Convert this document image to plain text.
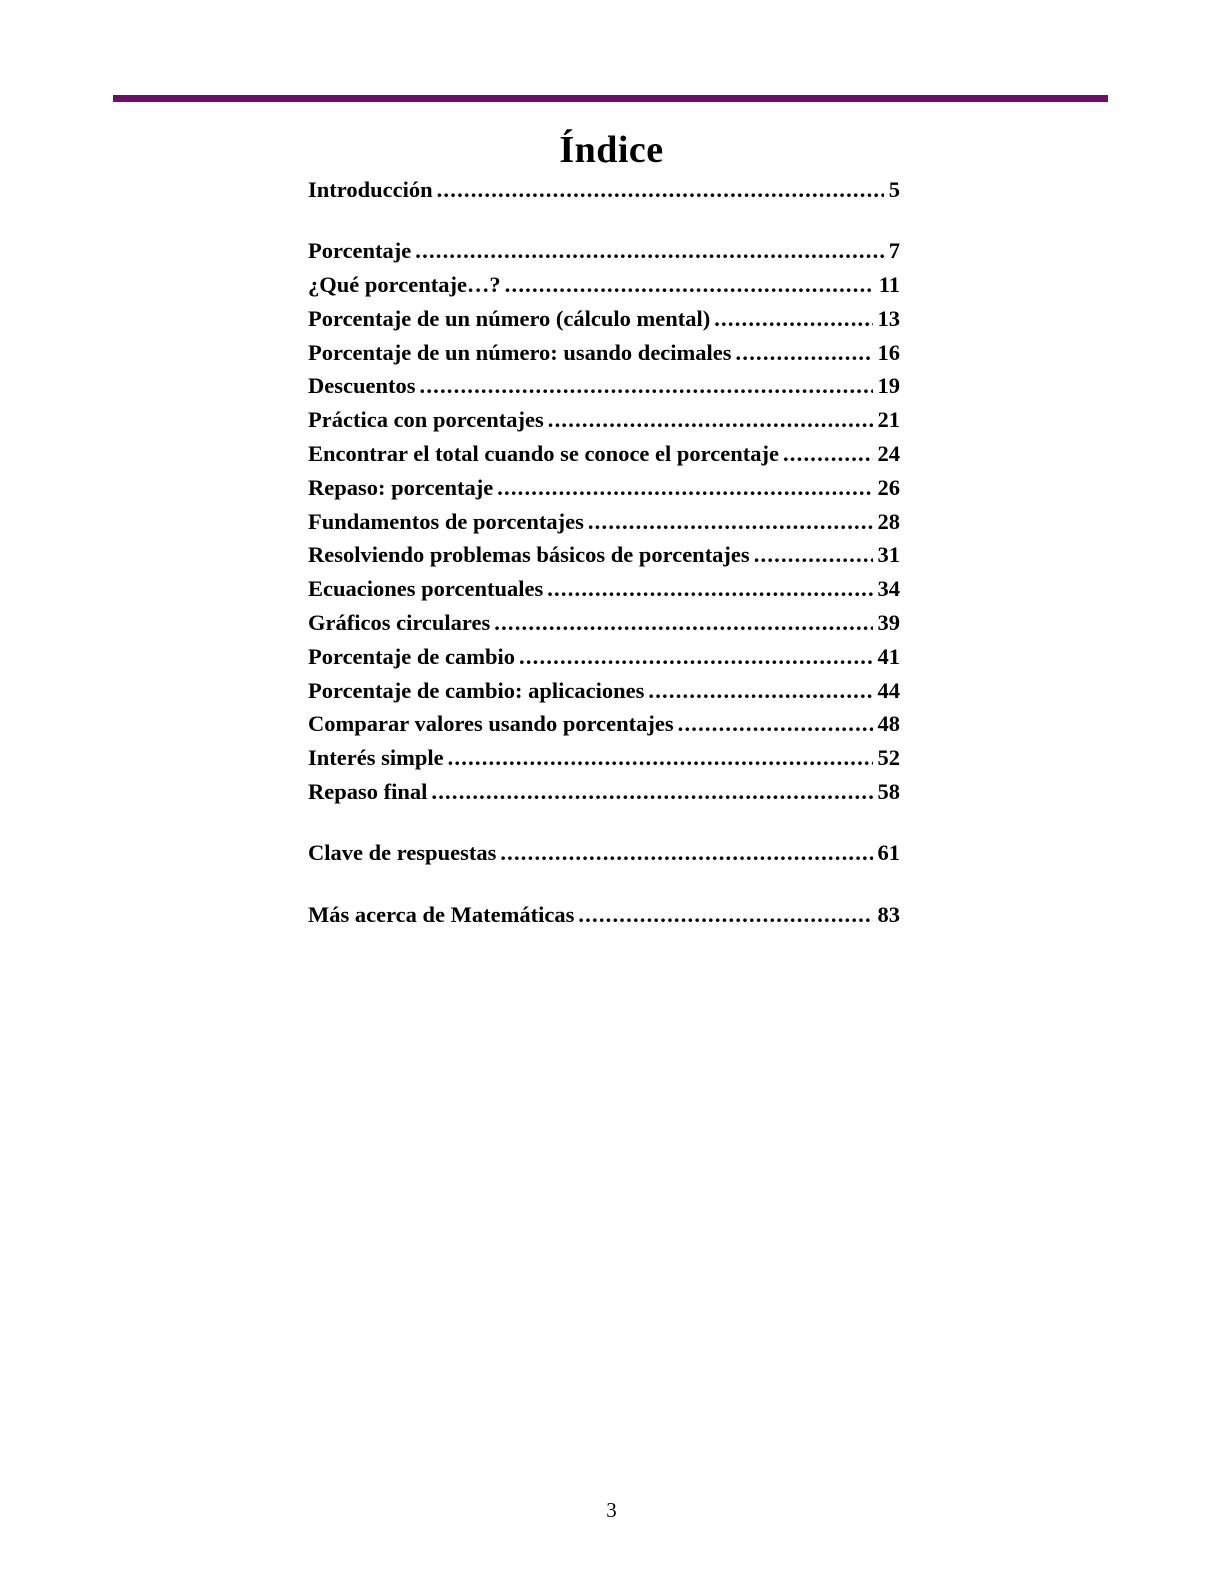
Índice
Introducción .....	5
Porcentaje .....	7
¿Qué porcentaje…? .....	11
Porcentaje de un número (cálculo mental) .....	13
Porcentaje de un número: usando decimales .....	16
Descuentos .....	19
Práctica con porcentajes .....	21
Encontrar el total cuando se conoce el porcentaje .....	24
Repaso: porcentaje .....	26
Fundamentos de porcentajes .....	28
Resolviendo problemas básicos de porcentajes .....	31
Ecuaciones porcentuales .....	34
Gráficos circulares .....	39
Porcentaje de cambio .....	41
Porcentaje de cambio: aplicaciones .....	44
Comparar valores usando porcentajes .....	48
Interés simple .....	52
Repaso final .....	58
Clave de respuestas .....	61
Más acerca de Matemáticas .....	83
3
